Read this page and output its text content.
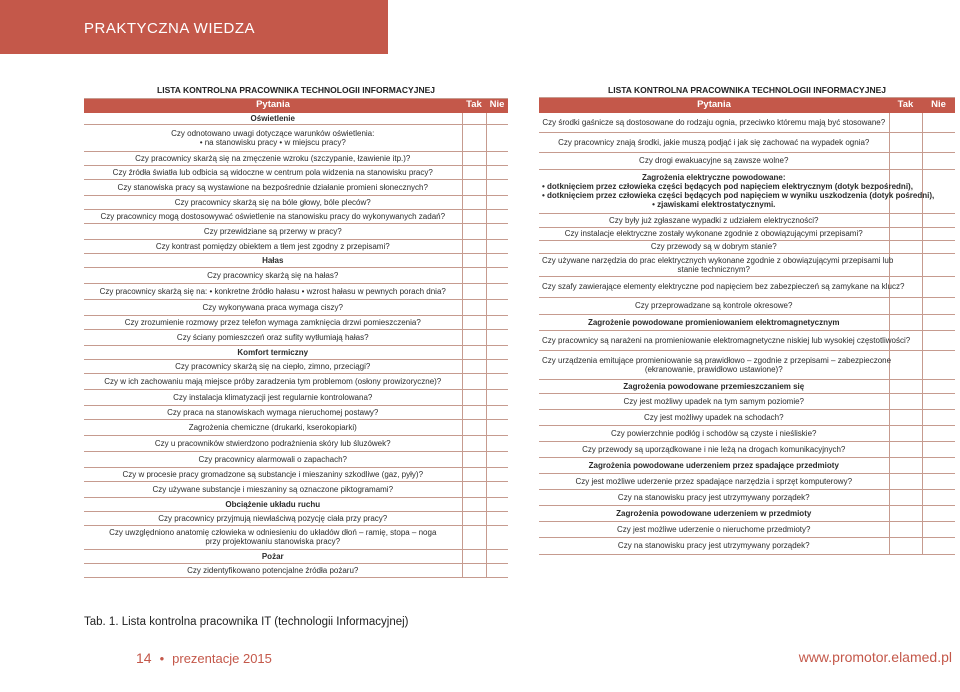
PRAKTYCZNA WIEDZA
LISTA KONTROLNA PRACOWNIKA TECHNOLOGII INFORMACYJNEJ		
Pytania	Tak	Nie

Oświetlenie		

Czy odnotowano uwagi dotyczące warunków oświetlenia:
• na stanowisku pracy • w miejscu pracy?		

Czy pracownicy skarżą się na zmęczenie wzroku (szczypanie, łzawienie itp.)?		

Czy źródła światła lub odbicia są widoczne w centrum pola widzenia na stanowisku pracy?		

Czy stanowiska pracy są wystawione na bezpośrednie działanie promieni słonecznych?		

Czy pracownicy skarżą się na bóle głowy, bóle pleców?		

Czy pracownicy mogą dostosowywać oświetlenie na stanowisku pracy do wykonywanych zadań?		

Czy przewidziane są przerwy w pracy?		

Czy kontrast pomiędzy obiektem a tłem jest zgodny z przepisami?		

Hałas		

Czy pracownicy skarżą się na hałas?		

Czy pracownicy skarżą się na: • konkretne źródło hałasu • wzrost hałasu w pewnych porach dnia?		

Czy wykonywana praca wymaga ciszy?		

Czy zrozumienie rozmowy przez telefon wymaga zamknięcia drzwi pomieszczenia?		

Czy ściany pomieszczeń oraz sufity wytłumiają hałas?		

Komfort termiczny		

Czy pracownicy skarżą się na ciepło, zimno, przeciągi?		

Czy w ich zachowaniu mają miejsce próby zaradzenia tym problemom (osłony prowizoryczne)?		

Czy instalacja klimatyzacji jest regularnie kontrolowana?		

Czy praca na stanowiskach wymaga nieruchomej postawy?		

Zagrożenia chemiczne (drukarki, kserokopiarki)		

Czy u pracowników stwierdzono podrażnienia skóry lub śluzówek?		

Czy pracownicy alarmowali o zapachach?		

Czy w procesie pracy gromadzone są substancje i mieszaniny szkodliwe (gaz, pyły)?		

Czy używane substancje i mieszaniny są oznaczone piktogramami?		

Obciążenie układu ruchu		

Czy pracownicy przyjmują niewłaściwą pozycję ciała przy pracy?		

Czy uwzględniono anatomię człowieka w odniesieniu do układów dłoń – ramię, stopa – noga
przy projektowaniu stanowiska pracy?		

Pożar		

Czy zidentyfikowano potencjalne źródła pożaru?		

LISTA KONTROLNA PRACOWNIKA TECHNOLOGII INFORMACYJNEJ		
Pytania	Tak	Nie

Czy środki gaśnicze są dostosowane do rodzaju ognia, przeciwko któremu mają być stosowane?		

Czy pracownicy znają środki, jakie muszą podjąć i jak się zachować na wypadek ognia?		

Czy drogi ewakuacyjne są zawsze wolne?		

Zagrożenia elektryczne powodowane:
• dotknięciem przez człowieka części będących pod napięciem elektrycznym (dotyk bezpośredni),
• dotknięciem przez człowieka części będących pod napięciem w wyniku uszkodzenia (dotyk pośredni),
• zjawiskami elektrostatycznymi.		

Czy były już zgłaszane wypadki z udziałem elektryczności?		

Czy instalacje elektryczne zostały wykonane zgodnie z obowiązującymi przepisami?		

Czy przewody są w dobrym stanie?		

Czy używane narzędzia do prac elektrycznych wykonane zgodnie z obowiązującymi przepisami lub
stanie technicznym?		

Czy szafy zawierające elementy elektryczne pod napięciem bez zabezpieczeń są zamykane na klucz?		

Czy przeprowadzane są kontrole okresowe?		

Zagrożenie powodowane promieniowaniem elektromagnetycznym		

Czy pracownicy są narażeni na promieniowanie elektromagnetyczne niskiej lub wysokiej częstotliwości?		

Czy urządzenia emitujące promieniowanie są prawidłowo – zgodnie z przepisami – zabezpieczone
(ekranowanie, prawidłowo ustawione)?		

Zagrożenia powodowane przemieszczaniem się		

Czy jest możliwy upadek na tym samym poziomie?		

Czy jest możliwy upadek na schodach?		

Czy powierzchnie podłóg i schodów są czyste i nieśliskie?		

Czy przewody są uporządkowane i nie leżą na drogach komunikacyjnych?		

Zagrożenia powodowane uderzeniem przez spadające przedmioty		

Czy jest możliwe uderzenie przez spadające narzędzia i sprzęt komputerowy?		

Czy na stanowisku pracy jest utrzymywany porządek?		

Zagrożenia powodowane uderzeniem w przedmioty		

Czy jest możliwe uderzenie o nieruchome przedmioty?		

Czy na stanowisku pracy jest utrzymywany porządek?		

Tab. 1. Lista kontrolna pracownika IT (technologii Informacyjnej)
14 • prezentacje 2015	www.promotor.elamed.pl
